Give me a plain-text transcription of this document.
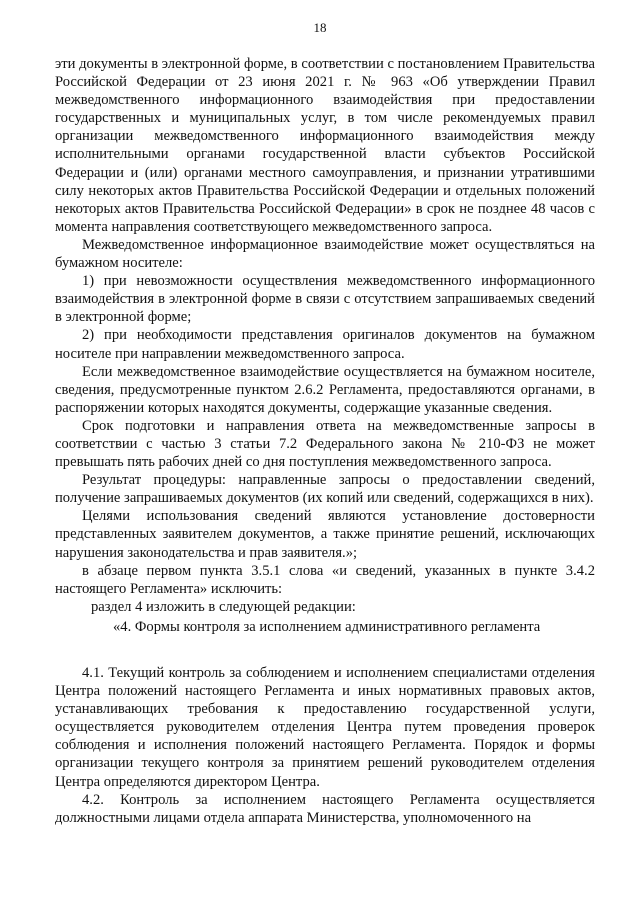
18

эти документы в электронной форме, в соответствии с постановлением Правительства Российской Федерации от 23 июня 2021 г. № 963 «Об утверждении Правил межведомственного информационного взаимодействия при предоставлении государственных и муниципальных услуг, в том числе рекомендуемых правил организации межведомственного информационного взаимодействия между исполнительными органами государственной власти субъектов Российской Федерации и (или) органами местного самоуправления, и признании утратившими силу некоторых актов Правительства Российской Федерации и отдельных положений некоторых актов Правительства Российской Федерации» в срок не позднее 48 часов с момента направления соответствующего межведомственного запроса.

Межведомственное информационное взаимодействие может осуществляться на бумажном носителе:

1) при невозможности осуществления межведомственного информационного взаимодействия в электронной форме в связи с отсутствием запрашиваемых сведений в электронной форме;

2) при необходимости представления оригиналов документов на бумажном носителе при направлении межведомственного запроса.

Если межведомственное взаимодействие осуществляется на бумажном носителе, сведения, предусмотренные пунктом 2.6.2 Регламента, предоставляются органами, в распоряжении которых находятся документы, содержащие указанные сведения.

Срок подготовки и направления ответа на межведомственные запросы в соответствии с частью 3 статьи 7.2 Федерального закона № 210-ФЗ не может превышать пять рабочих дней со дня поступления межведомственного запроса.

Результат процедуры: направленные запросы о предоставлении сведений, получение запрашиваемых документов (их копий или сведений, содержащихся в них).

Целями использования сведений являются установление достоверности представленных заявителем документов, а также принятие решений, исключающих нарушения законодательства и прав заявителя.»;

в абзаце первом пункта 3.5.1 слова «и сведений, указанных в пункте 3.4.2 настоящего Регламента» исключить:

раздел 4 изложить в следующей редакции:

«4. Формы контроля за исполнением административного регламента

4.1. Текущий контроль за соблюдением и исполнением специалистами отделения Центра положений настоящего Регламента и иных нормативных правовых актов, устанавливающих требования к предоставлению государственной услуги, осуществляется руководителем отделения Центра путем проведения проверок соблюдения и исполнения положений настоящего Регламента. Порядок и формы организации текущего контроля за принятием решений руководителем отделения Центра определяются директором Центра.

4.2. Контроль за исполнением настоящего Регламента осуществляется должностными лицами отдела аппарата Министерства, уполномоченного на
